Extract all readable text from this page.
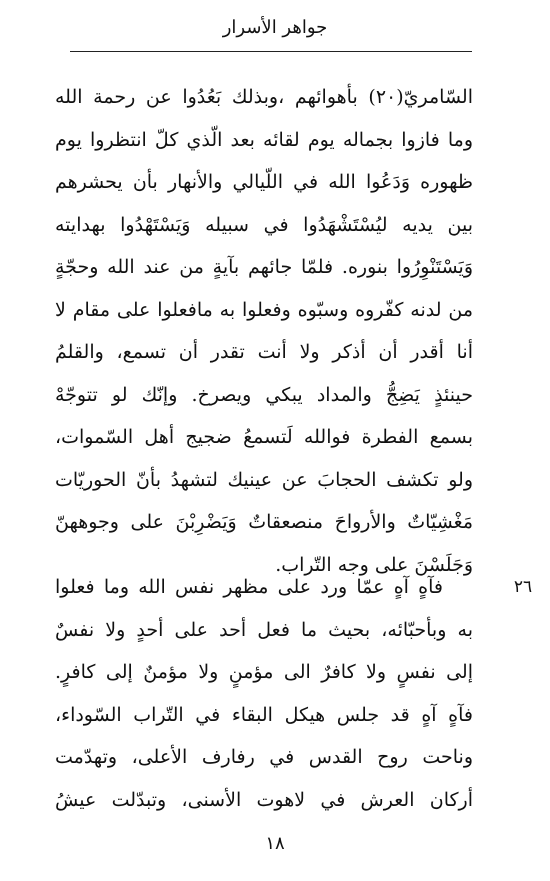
جواهر الأسرار
السّامريّ(٢٠) بأهوائهم ،وبذلك بَعُدُوا عن رحمة الله
وما فازوا بجماله يوم لقائه بعد الّذي كلّ انتظروا يوم
ظهوره وَدَعُوا الله في اللّيالي والأنهار بأن يحشرهم
بين يديه ليُسْتَشْهَدُوا في سبيله وَيَسْتَهْدُوا بهدايته
وَيَسْتَنْوِرُوا بنوره. فلمّا جائهم بآيةٍ من عند الله وحجّةٍ
من لدنه كفّروه وسبّوه وفعلوا به مافعلوا على مقام لا
أنا أقدر أن أذكر ولا أنت تقدر أن تسمع، والقلمُ
حينئذٍ يَضِجُّ والمداد يبكي ويصرخ. وإنّك لو تتوجّهْ
بسمع الفطرة فوالله لَتسمعُ ضجيج أهل السّموات،
ولو تكشف الحجابَ عن عينيك لتشهدُ بأنّ الحوريّات
مَغْشِيّاتٌ والأرواحَ منصعقاتٌ وَيَضْرِبْنَ على وجوههنّ
وَجَلَسْنَ على وجه التّراب.
٢٦
فآهٍ آهٍ عمّا ورد على مظهر نفس الله وما فعلوا
به وبأحبّائه، بحيث ما فعل أحد على أحدٍ ولا نفسٌ
إلى نفسٍ ولا كافرٌ الى مؤمنٍ ولا مؤمنٌ إلى كافرٍ.
فآهٍ آهٍ قد جلس هيكل البقاء في التّراب السّوداء،
وناحت روح القدس في رفارف الأعلى، وتهدّمت
أركان العرش في لاهوت الأسنى، وتبدّلت عيشُ
١٨
